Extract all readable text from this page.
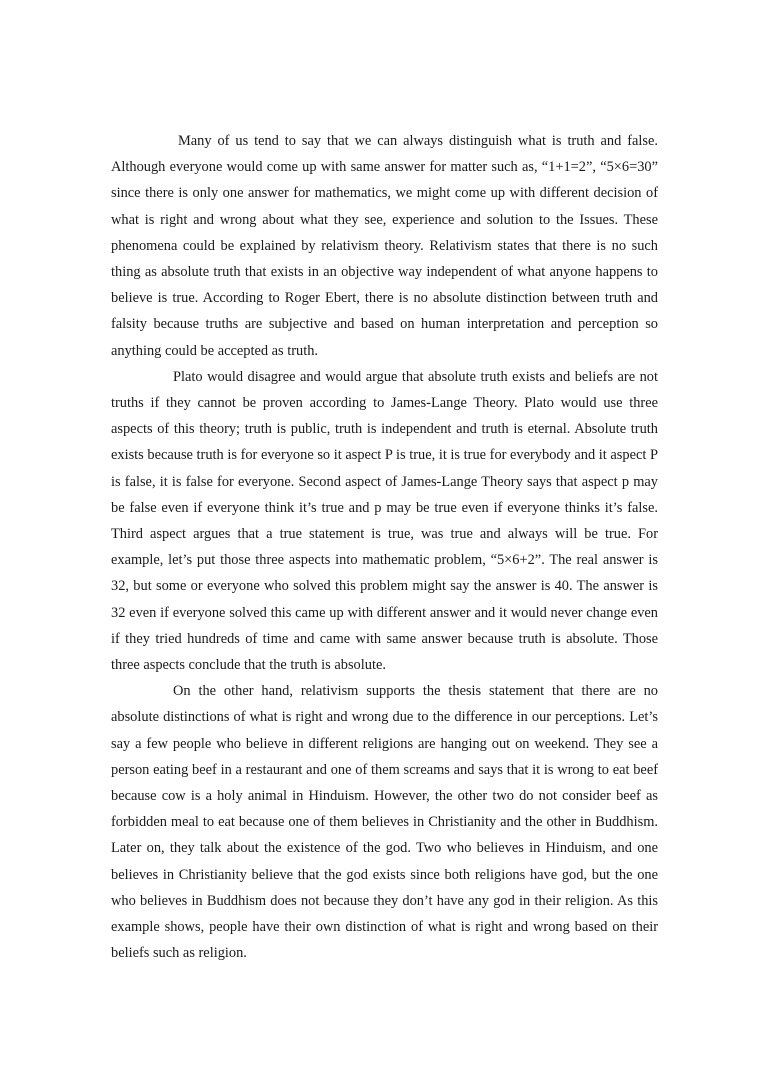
Many of us tend to say that we can always distinguish what is truth and false. Although everyone would come up with same answer for matter such as, “1+1=2”, “5×6=30” since there is only one answer for mathematics, we might come up with different decision of what is right and wrong about what they see, experience and solution to the Issues. These phenomena could be explained by relativism theory. Relativism states that there is no such thing as absolute truth that exists in an objective way independent of what anyone happens to believe is true. According to Roger Ebert, there is no absolute distinction between truth and falsity because truths are subjective and based on human interpretation and perception so anything could be accepted as truth.

Plato would disagree and would argue that absolute truth exists and beliefs are not truths if they cannot be proven according to James-Lange Theory. Plato would use three aspects of this theory; truth is public, truth is independent and truth is eternal. Absolute truth exists because truth is for everyone so it aspect P is true, it is true for everybody and it aspect P is false, it is false for everyone. Second aspect of James-Lange Theory says that aspect p may be false even if everyone think it’s true and p may be true even if everyone thinks it’s false. Third aspect argues that a true statement is true, was true and always will be true. For example, let’s put those three aspects into mathematic problem, “5×6+2”. The real answer is 32, but some or everyone who solved this problem might say the answer is 40. The answer is 32 even if everyone solved this came up with different answer and it would never change even if they tried hundreds of time and came with same answer because truth is absolute. Those three aspects conclude that the truth is absolute.

On the other hand, relativism supports the thesis statement that there are no absolute distinctions of what is right and wrong due to the difference in our perceptions. Let’s say a few people who believe in different religions are hanging out on weekend. They see a person eating beef in a restaurant and one of them screams and says that it is wrong to eat beef because cow is a holy animal in Hinduism. However, the other two do not consider beef as forbidden meal to eat because one of them believes in Christianity and the other in Buddhism. Later on, they talk about the existence of the god. Two who believes in Hinduism, and one believes in Christianity believe that the god exists since both religions have god, but the one who believes in Buddhism does not because they don’t have any god in their religion. As this example shows, people have their own distinction of what is right and wrong based on their beliefs such as religion.
